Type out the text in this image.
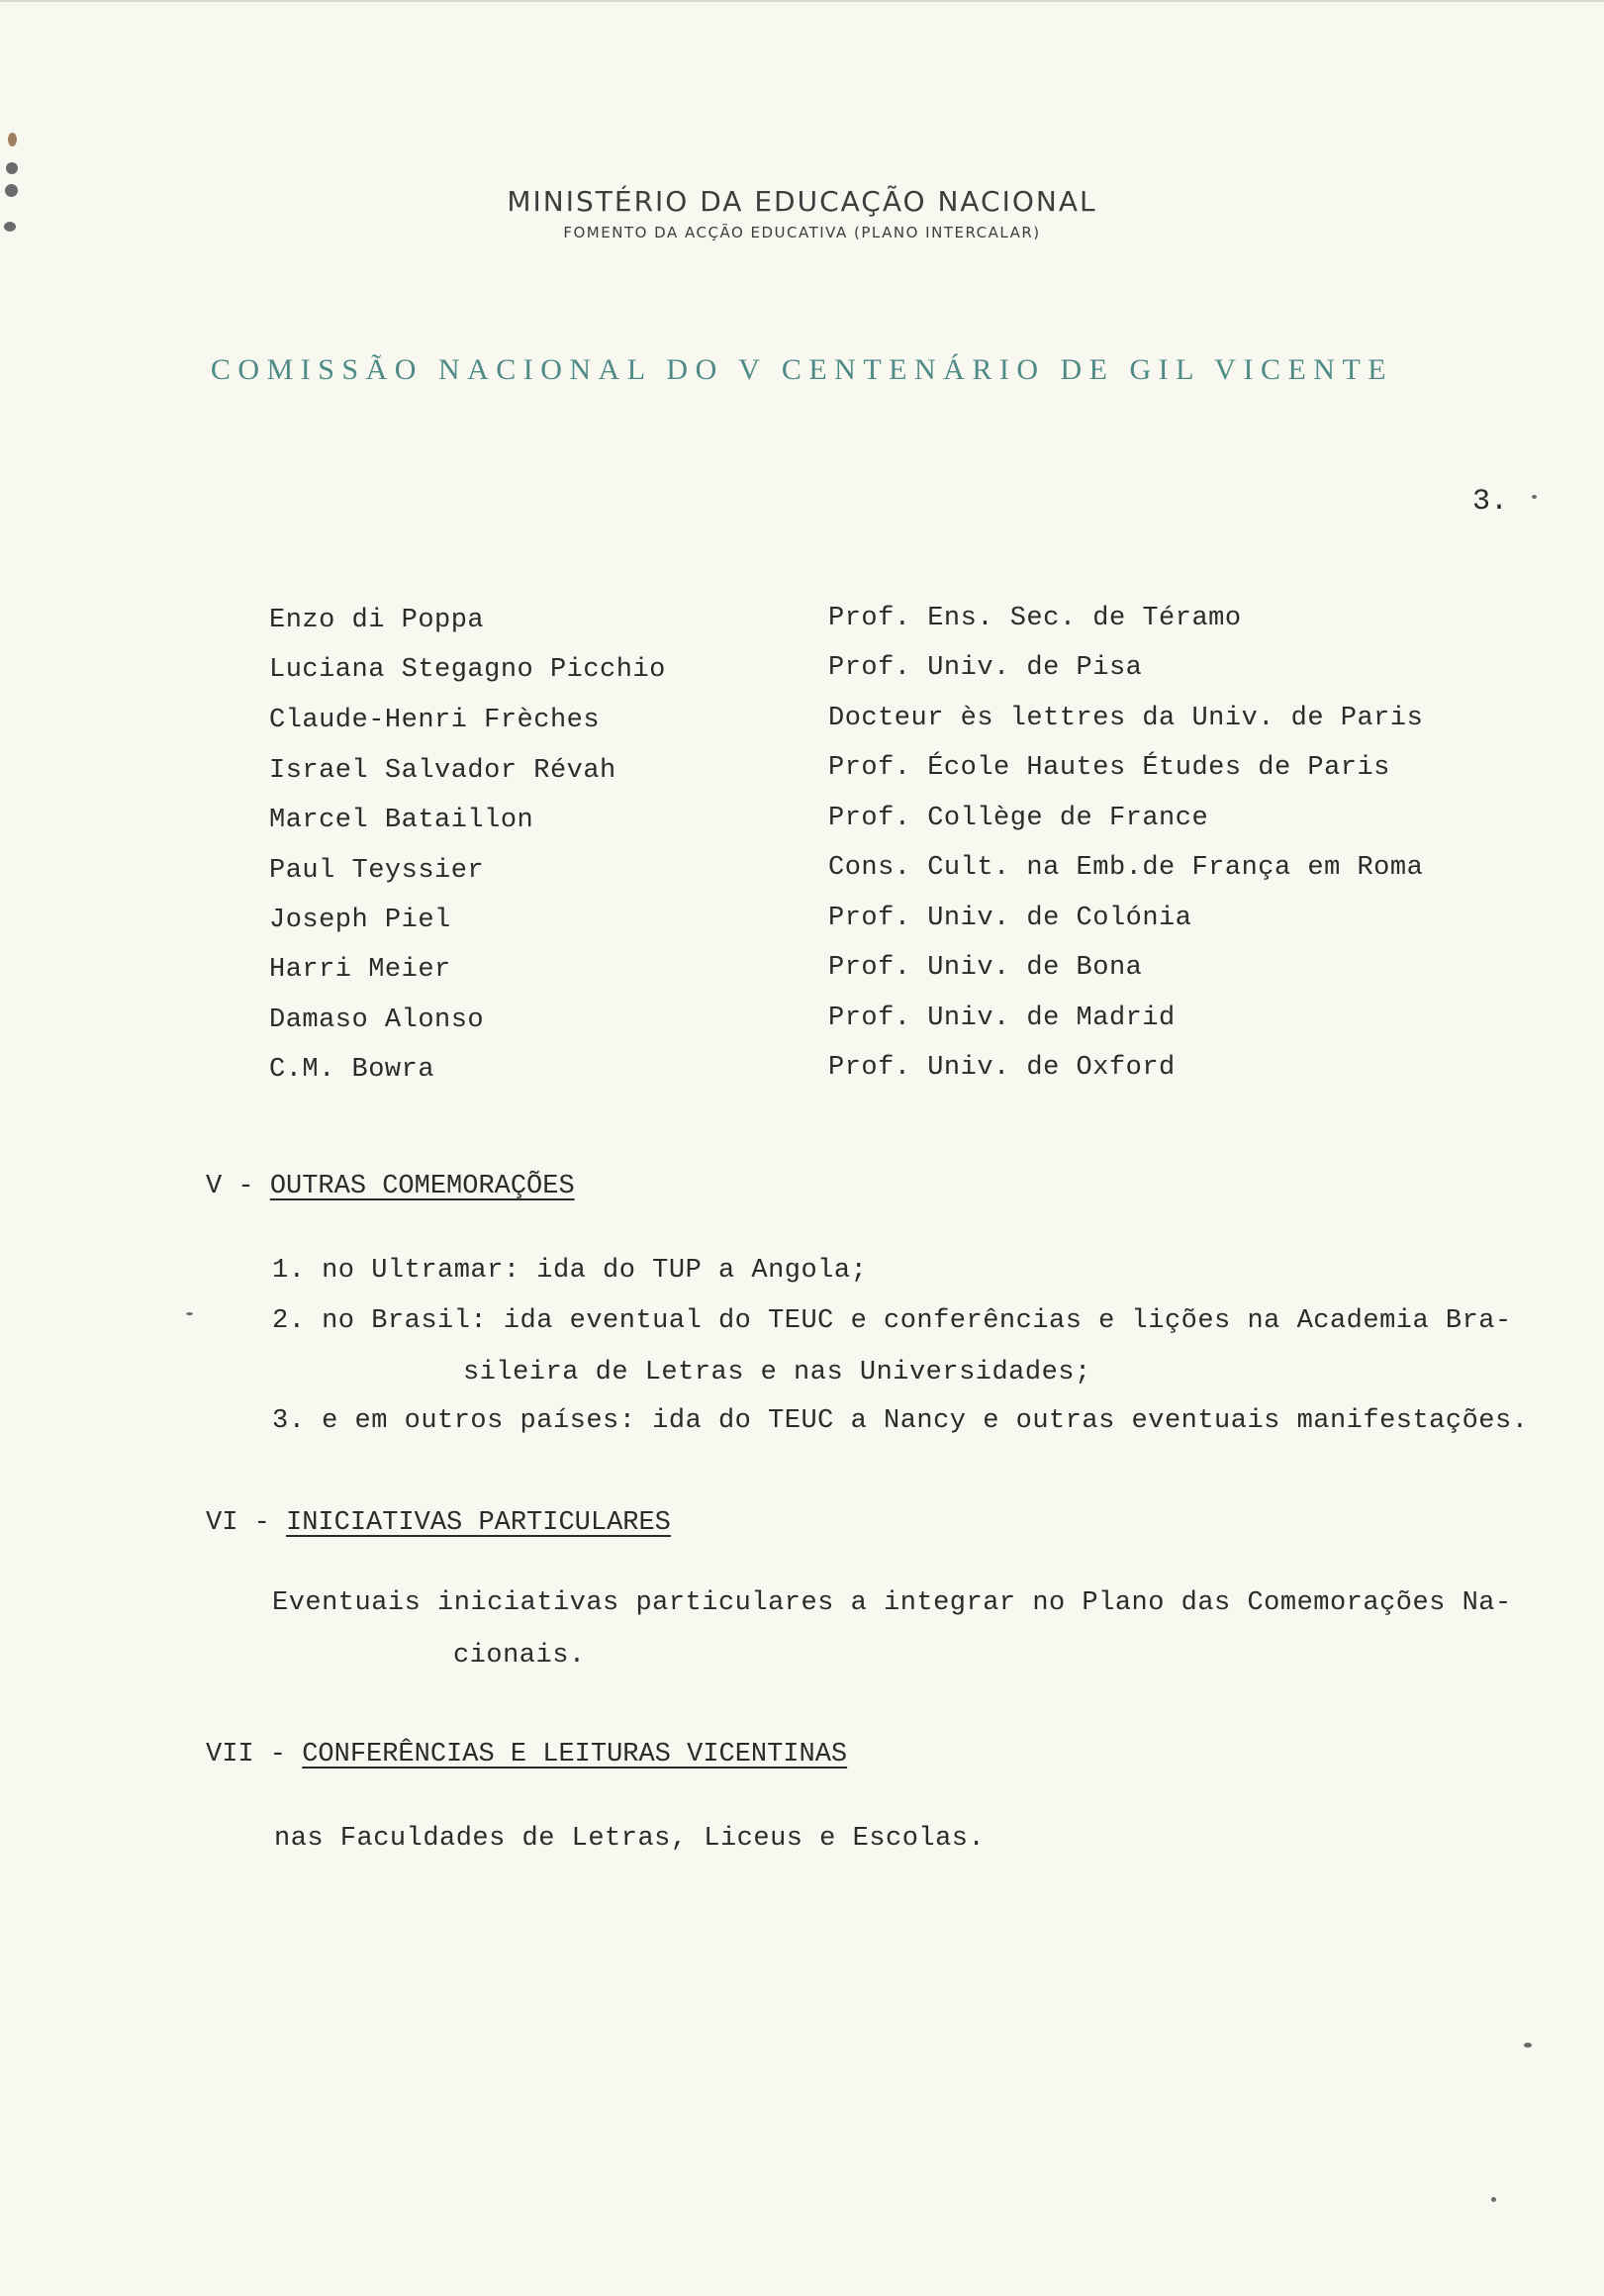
MINISTÉRIO DA EDUCAÇÃO NACIONAL
FOMENTO DA ACÇÃO EDUCATIVA (PLANO INTERCALAR)
COMISSÃO NACIONAL DO V CENTENÁRIO DE GIL VICENTE
3.
Enzo di Poppa	Prof. Ens. Sec. de Téramo
Luciana Stegagno Picchio	Prof. Univ. de Pisa
Claude-Henri Frèches	Docteur ès lettres da Univ. de Paris
Israel Salvador Révah	Prof. École Hautes Études de Paris
Marcel Bataillon	Prof. Collège de France
Paul Teyssier	Cons. Cult. na Emb.de França em Roma
Joseph Piel	Prof. Univ. de Colónia
Harri Meier	Prof. Univ. de Bona
Damaso Alonso	Prof. Univ. de Madrid
C.M. Bowra	Prof. Univ. de Oxford
V - OUTRAS COMEMORAÇÕES
1. no Ultramar: ida do TUP a Angola;
2. no Brasil: ida eventual do TEUC e conferências e lições na Academia Bra-
sileira de Letras e nas Universidades;
3. e em outros países: ida do TEUC a Nancy e outras eventuais manifestações.
VI - INICIATIVAS PARTICULARES
Eventuais iniciativas particulares a integrar no Plano das Comemorações Na-
cionais.
VII - CONFERÊNCIAS E LEITURAS VICENTINAS
nas Faculdades de Letras, Liceus e Escolas.
